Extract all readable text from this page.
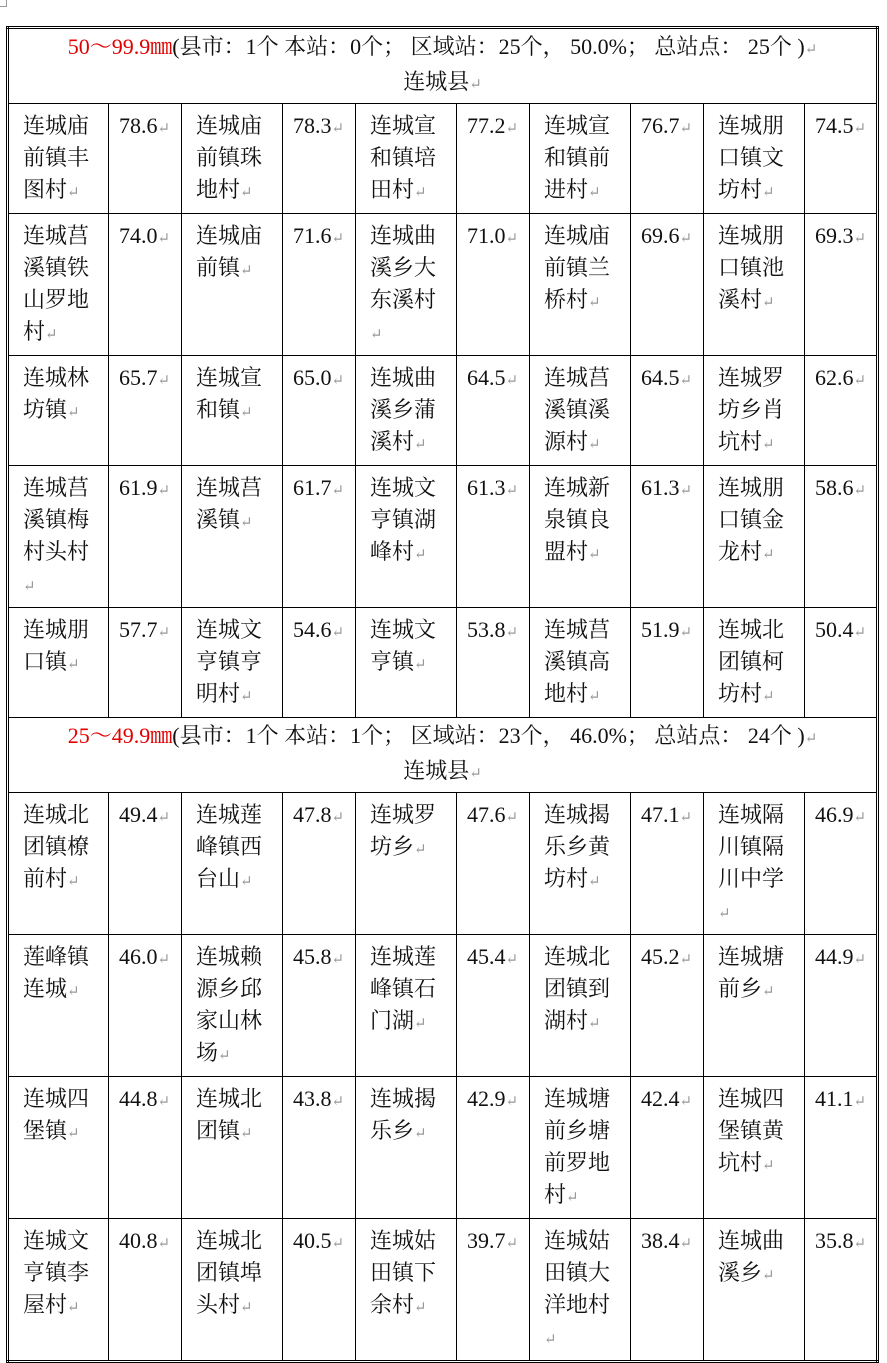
50～99.9㎜(县市：1个 本站：0个； 区域站：25个， 50.0%； 总站点： 25个 )↵
连城县↵									

连城庙前镇丰图村↵	78.6↵	连城庙前镇珠地村↵	78.3↵	连城宣和镇培田村↵	77.2↵	连城宣和镇前进村↵	76.7↵	连城朋口镇文坊村↵	74.5↵
连城莒溪镇铁山罗地村↵	74.0↵	连城庙前镇↵	71.6↵	连城曲溪乡大东溪村↵	71.0↵	连城庙前镇兰桥村↵	69.6↵	连城朋口镇池溪村↵	69.3↵
连城林坊镇↵	65.7↵	连城宣和镇↵	65.0↵	连城曲溪乡蒲溪村↵	64.5↵	连城莒溪镇溪源村↵	64.5↵	连城罗坊乡肖坑村↵	62.6↵
连城莒溪镇梅村头村↵	61.9↵	连城莒溪镇↵	61.7↵	连城文亨镇湖峰村↵	61.3↵	连城新泉镇良盟村↵	61.3↵	连城朋口镇金龙村↵	58.6↵
连城朋口镇↵	57.7↵	连城文亨镇亨明村↵	54.6↵	连城文亨镇↵	53.8↵	连城莒溪镇高地村↵	51.9↵	连城北团镇柯坊村↵	50.4↵
25～49.9㎜(县市：1个 本站：1个； 区域站：23个， 46.0%； 总站点： 24个 )↵
连城县↵									

连城北团镇橑前村↵	49.4↵	连城莲峰镇西台山↵	47.8↵	连城罗坊乡↵	47.6↵	连城揭乐乡黄坊村↵	47.1↵	连城隔川镇隔川中学↵	46.9↵
莲峰镇连城↵	46.0↵	连城赖源乡邱家山林场↵	45.8↵	连城莲峰镇石门湖↵	45.4↵	连城北团镇到湖村↵	45.2↵	连城塘前乡↵	44.9↵
连城四堡镇↵	44.8↵	连城北团镇↵	43.8↵	连城揭乐乡↵	42.9↵	连城塘前乡塘前罗地村↵	42.4↵	连城四堡镇黄坑村↵	41.1↵
连城文亨镇李屋村↵	40.8↵	连城北团镇埠头村↵	40.5↵	连城姑田镇下余村↵	39.7↵	连城姑田镇大洋地村↵	38.4↵	连城曲溪乡↵	35.8↵
